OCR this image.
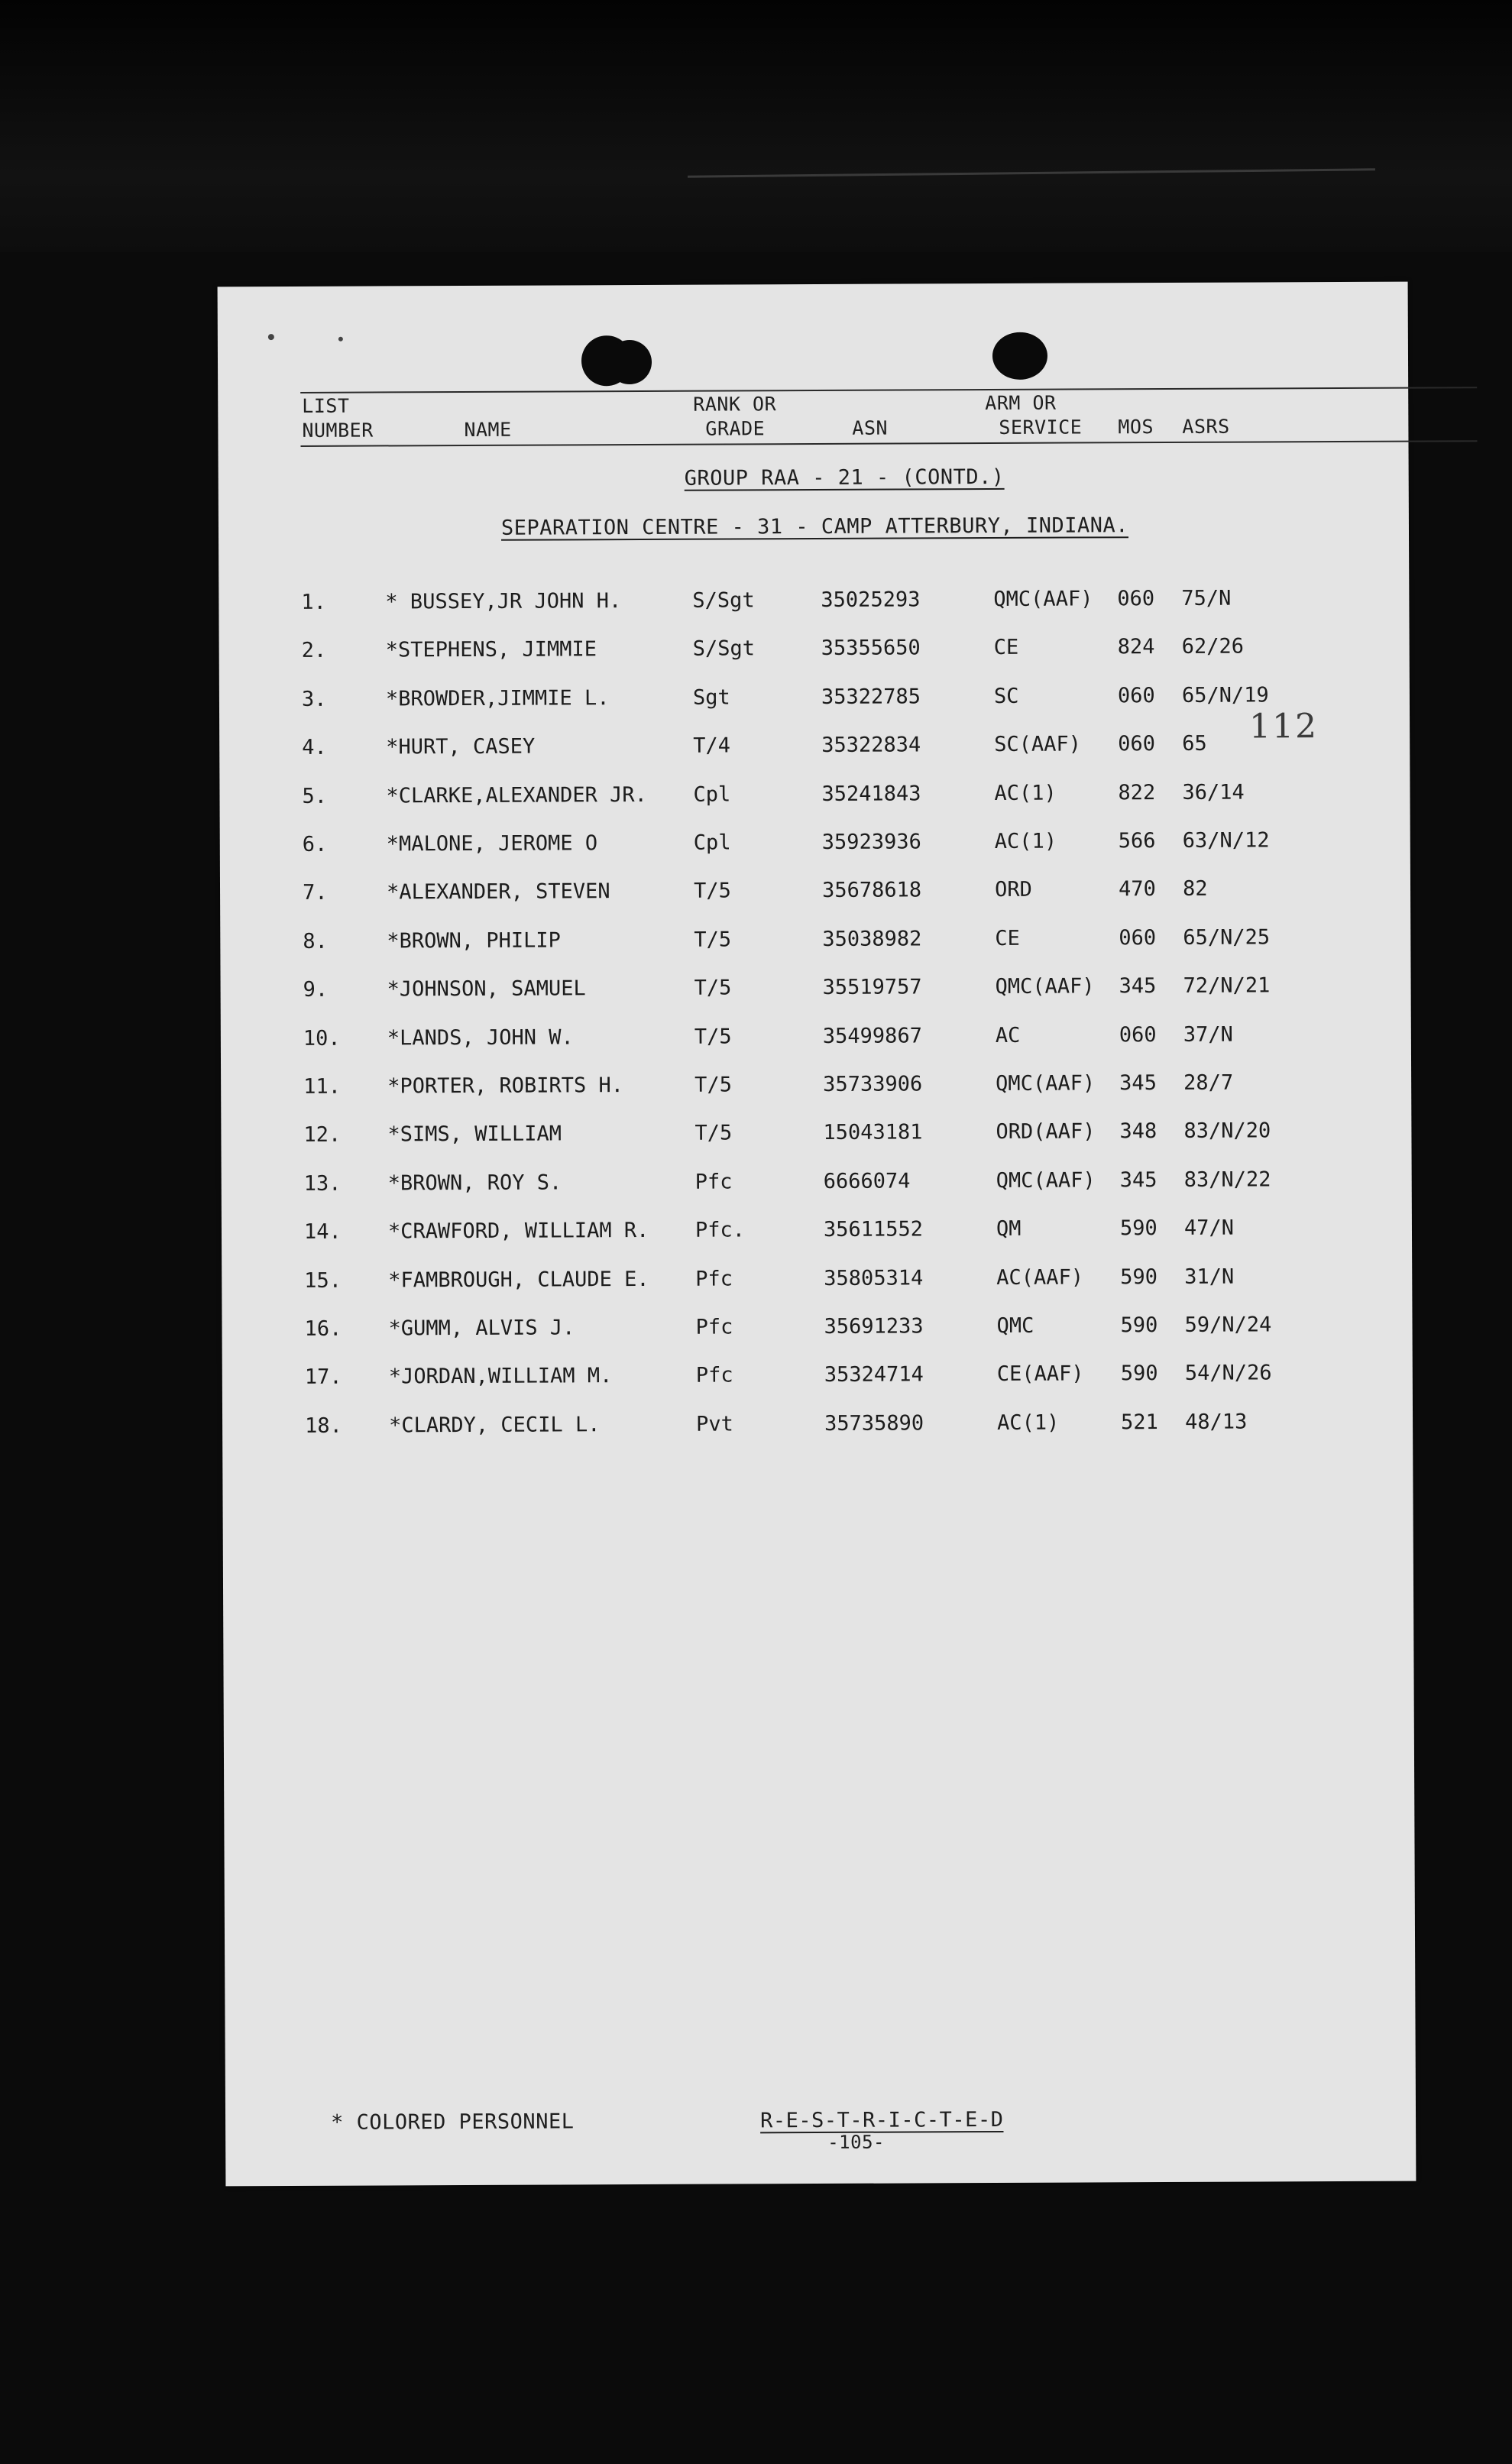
LIST
NUMBER	NAME
RANK OR
GRADE	ASN
ARM OR
SERVICE MOS ASRS
GROUP RAA - 21 - (CONTD.)
SEPARATION CENTRE - 31 - CAMP ATTERBURY, INDIANA.
112
1.	* BUSSEY,JR JOHN H.	S/Sgt	35025293	QMC(AAF) 060 75/N
2.	*STEPHENS, JIMMIE	S/Sgt	35355650	CE	824 62/26
3.	*BROWDER,JIMMIE L.	Sgt	35322785	SC	060 65/N/19
4.	*HURT, CASEY	T/4	35322834	SC(AAF) 060 65
5.	*CLARKE,ALEXANDER JR. Cpl	35241843	AC(1)	822 36/14
6.	*MALONE, JEROME O	Cpl	35923936	AC(1)	566 63/N/12
7.	*ALEXANDER, STEVEN	T/5	35678618	ORD	470 82
8.	*BROWN, PHILIP	T/5	35038982	CE	060 65/N/25
9.	*JOHNSON, SAMUEL	T/5	35519757	QMC(AAF) 345 72/N/21
10. *LANDS, JOHN W.	T/5	35499867	AC	060 37/N
11. *PORTER, ROBIRTS H.	T/5	35733906	QMC(AAF) 345 28/7
12. *SIMS, WILLIAM	T/5	15043181	ORD(AAF) 348 83/N/20
13. *BROWN, ROY S.	Pfc	6666074	QMC(AAF) 345 83/N/22
14. *CRAWFORD, WILLIAM R. Pfc.	35611552	QM	590 47/N
15. *FAMBROUGH, CLAUDE E. Pfc	35805314	AC(AAF) 590 31/N
16. *GUMM, ALVIS J.	Pfc	35691233	QMC	590 59/N/24
17. *JORDAN,WILLIAM M.	Pfc	35324714	CE(AAF) 590 54/N/26
18. *CLARDY, CECIL L.	Pvt	35735890	AC(1)	521 48/13
* COLORED PERSONNEL	R-E-S-T-R-I-C-T-E-D
-105-
